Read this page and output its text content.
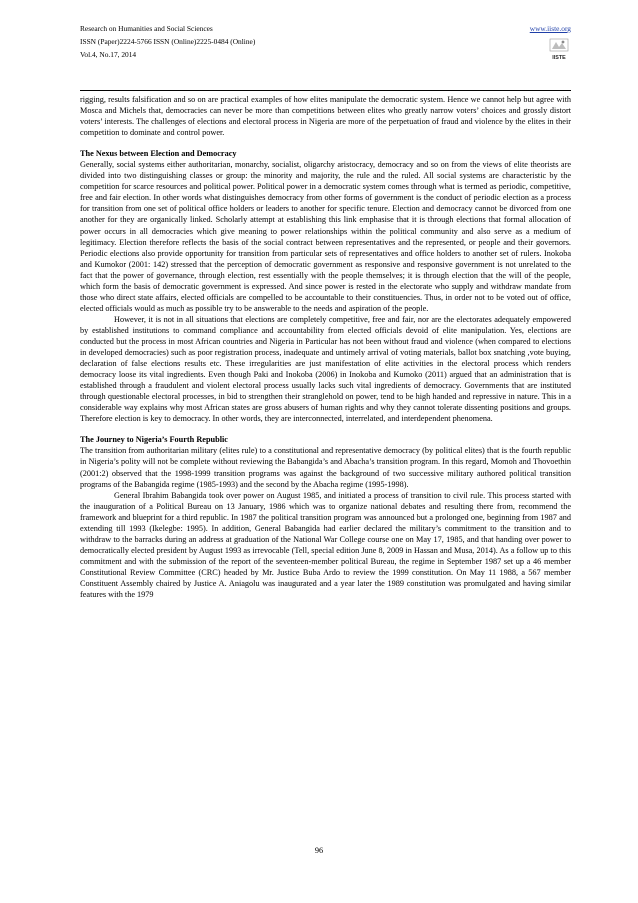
Research on Humanities and Social Sciences
ISSN (Paper)2224-5766 ISSN (Online)2225-0484 (Online)
Vol.4, No.17, 2014
www.iiste.org
IISTE

rigging, results falsification and so on are practical examples of how elites manipulate the democratic system. Hence we cannot help but agree with Mosca and Michels that, democracies can never be more than competitions between elites who greatly narrow voters’ choices and grossly distort voters’ interests. The challenges of elections and electoral process in Nigeria are more of the perpetuation of fraud and violence by the elites in their competition to dominate and control power.

The Nexus between Election and Democracy

Generally, social systems either authoritarian, monarchy, socialist, oligarchy aristocracy, democracy and so on from the views of elite theorists are divided into two distinguishing classes or group: the minority and majority, the rule and the ruled. All social systems are characteristic by the competition for scarce resources and political power. Political power in a democratic system comes through what is termed as periodic, competitive, free and fair election. In other words what distinguishes democracy from other forms of government is the conduct of periodic election as a process for transition from one set of political office holders or leaders to another for specific tenure. Election and democracy cannot be divorced from one another for they are organically linked. Scholarly attempt at establishing this link emphasise that it is through elections that formal allocation of power occurs in all democracies which give meaning to power relationships within the political community and also serve as a medium of legitimacy. Election therefore reflects the basis of the social contract between representatives and the represented, or people and their governors. Periodic elections also provide opportunity for transition from particular sets of representatives and office holders to another set of rulers. Inokoba and Kumokor (2001: 142) stressed that the perception of democratic government as responsive and responsive government is not unrelated to the fact that the power of governance, through election, rest essentially with the people themselves; it is through election that the will of the people, which form the basis of democratic government is expressed. And since power is rested in the electorate who supply and withdraw mandate from those who direct state affairs, elected officials are compelled to be accountable to their constituencies. Thus, in order not to be voted out of office, elected officials would as much as possible try to be answerable to the needs and aspiration of the people.

However, it is not in all situations that elections are completely competitive, free and fair, nor are the electorates adequately empowered by established institutions to command compliance and accountability from elected officials devoid of elite manipulation. Yes, elections are conducted but the process in most African countries and Nigeria in Particular has not been without fraud and violence (when compared to elections in developed democracies) such as poor registration process, inadequate and untimely arrival of voting materials, ballot box snatching ,vote buying, declaration of false elections results etc. These irregularities are just manifestation of elite activities in the electoral process which renders democracy loose its vital ingredients. Even though Paki and Inokoba (2006) in Inokoba and Kumoko (2011) argued that an administration that is established through a fraudulent and violent electoral process usually lacks such vital ingredients of democracy. Governments that are instituted through questionable electoral processes, in bid to strengthen their stranglehold on power, tend to be high handed and repressive in nature. This in a considerable way explains why most African states are gross abusers of human rights and why they cannot tolerate dissenting positions and groups. Therefore election is key to democracy. In other words, they are interconnected, interrelated, and interdependent phenomena.

The Journey to Nigeria’s Fourth Republic

The transition from authoritarian military (elites rule) to a constitutional and representative democracy (by political elites) that is the fourth republic in Nigeria’s polity will not be complete without reviewing the Babangida’s and Abacha’s transition program. In this regard, Momoh and Thovoethin (2001:2) observed that the 1998-1999 transition programs was against the background of two successive military authored political transition programs of the Babangida regime (1985-1993) and the second by the Abacha regime (1995-1998).

General Ibrahim Babangida took over power on August 1985, and initiated a process of transition to civil rule. This process started with the inauguration of a Political Bureau on 13 January, 1986 which was to organize national debates and resulting there from, recommend the framework and blueprint for a third republic. In 1987 the political transition program was announced but a prolonged one, beginning from 1987 and extending till 1993 (Ikelegbe: 1995). In addition, General Babangida had earlier declared the military’s commitment to the transition and to withdraw to the barracks during an address at graduation of the National War College course one on May 17, 1985, and that handing over power to democratically elected president by August 1993 as irrevocable (Tell, special edition June 8, 2009 in Hassan and Musa, 2014). As a follow up to this commitment and with the submission of the report of the seventeen-member political Bureau, the regime in September 1987 set up a 46 member Constitutional Review Committee (CRC) headed by Mr. Justice Buba Ardo to review the 1999 constitution. On May 11 1988, a 567 member Constituent Assembly chaired by Justice A. Aniagolu was inaugurated and a year later the 1989 constitution was promulgated and having similar features with the 1979

96
